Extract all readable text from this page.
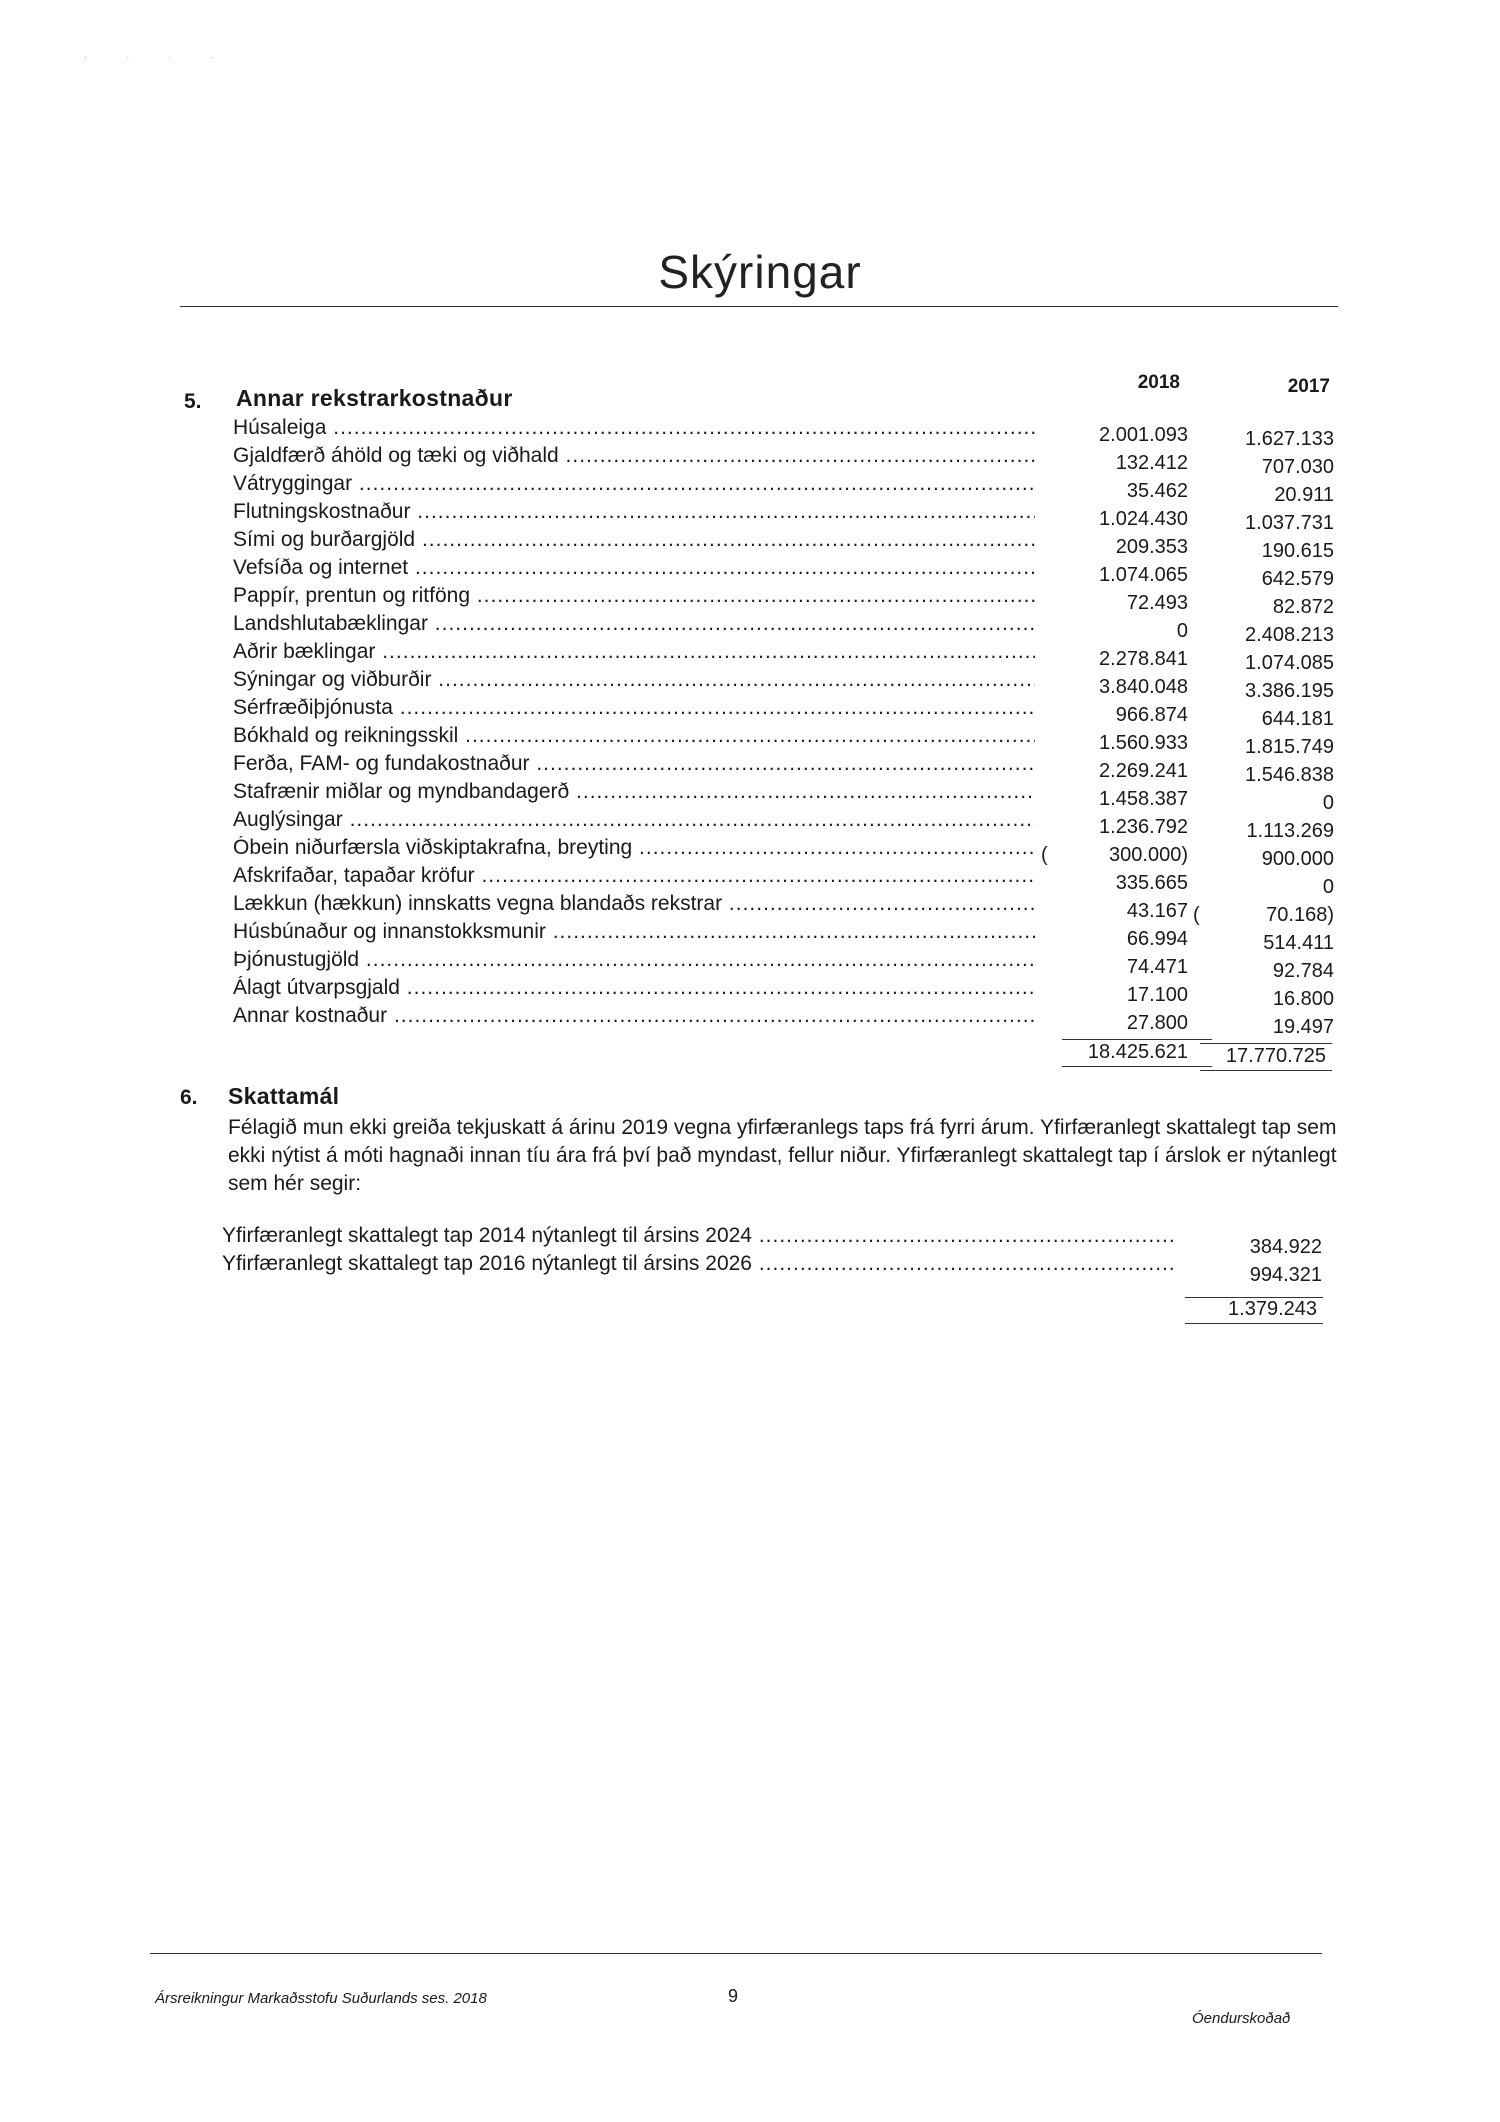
· · · ·
Skýringar
2018	2017
5. Annar rekstrarkostnaður
Húsaleiga .....	2.001.093	1.627.133
Gjaldfærð áhöld og tæki og viðhald .....	132.412	707.030
Vátryggingar .....	35.462	20.911
Flutningskostnaður .....	1.024.430	1.037.731
Sími og burðargjöld .....	209.353	190.615
Vefsíða og internet .....	1.074.065	642.579
Pappír, prentun og ritföng .....	72.493	82.872
Landshlutabæklingar .....	0	2.408.213
Aðrir bæklingar .....	2.278.841	1.074.085
Sýningar og viðburðir .....	3.840.048	3.386.195
Sérfræðiþjónusta .....	966.874	644.181
Bókhald og reikningsskil .....	1.560.933	1.815.749
Ferða, FAM- og fundakostnaður .....	2.269.241	1.546.838
Stafrænir miðlar og myndbandagerð .....	1.458.387	0
Auglýsingar .....	1.236.792	1.113.269
Óbein niðurfærsla viðskiptakrafna, breyting .....	(	300.000)	900.000
Afskrifaðar, tapaðar kröfur .....	335.665	0
Lækkun (hækkun) innskatts vegna blandaðs rekstrar .....	43.167 (	70.168)
Húsbúnaður og innanstokksmunir .....	66.994	514.411
Þjónustugjöld .....	74.471	92.784
Álagt útvarpsgjald .....	17.100	16.800
Annar kostnaður .....	27.800	19.497
18.425.621	17.770.725
6. Skattamál
Félagið mun ekki greiða tekjuskatt á árinu 2019 vegna yfirfæranlegs taps frá fyrri árum. Yfirfæranlegt skattalegt tap sem ekki nýtist á móti hagnaði innan tíu ára frá því það myndast, fellur niður. Yfirfæranlegt skattalegt tap í árslok er nýtanlegt sem hér segir:
Yfirfæranlegt skattalegt tap 2014 nýtanlegt til ársins 2024 .....	384.922
Yfirfæranlegt skattalegt tap 2016 nýtanlegt til ársins 2026 .....	994.321
1.379.243
Ársreikningur Markaðsstofu Suðurlands ses. 2018	9
Óendurskoðað
